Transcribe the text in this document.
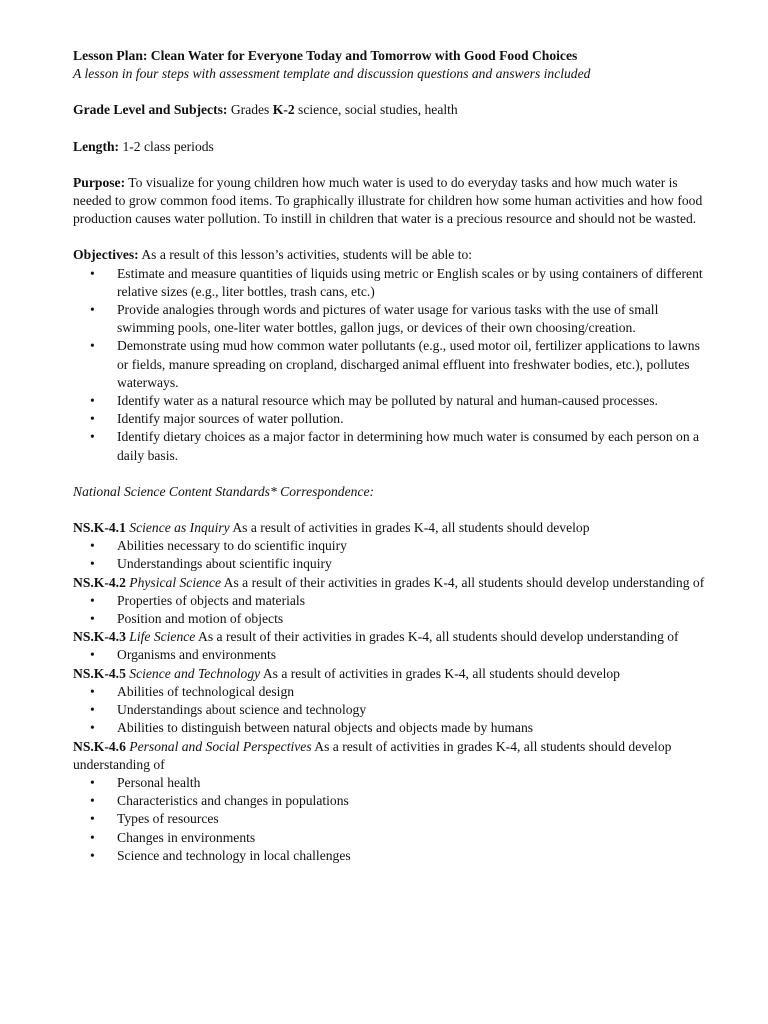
Lesson Plan: Clean Water for Everyone Today and Tomorrow with Good Food Choices

A lesson in four steps with assessment template and discussion questions and answers included

Grade Level and Subjects: Grades K-2 science, social studies, health

Length: 1-2 class periods

Purpose: To visualize for young children how much water is used to do everyday tasks and how much water is needed to grow common food items. To graphically illustrate for children how some human activities and how food production causes water pollution. To instill in children that water is a precious resource and should not be wasted.

Objectives: As a result of this lesson’s activities, students will be able to:

• Estimate and measure quantities of liquids using metric or English scales or by using containers of different relative sizes (e.g., liter bottles, trash cans, etc.)
• Provide analogies through words and pictures of water usage for various tasks with the use of small swimming pools, one-liter water bottles, gallon jugs, or devices of their own choosing/creation.
• Demonstrate using mud how common water pollutants (e.g., used motor oil, fertilizer applications to lawns or fields, manure spreading on cropland, discharged animal effluent into freshwater bodies, etc.), pollutes waterways.
• Identify water as a natural resource which may be polluted by natural and human-caused processes.
• Identify major sources of water pollution.
• Identify dietary choices as a major factor in determining how much water is consumed by each person on a daily basis.

National Science Content Standards* Correspondence:

NS.K-4.1 Science as Inquiry As a result of activities in grades K-4, all students should develop

• Abilities necessary to do scientific inquiry
• Understandings about scientific inquiry

NS.K-4.2 Physical Science As a result of their activities in grades K-4, all students should develop understanding of

• Properties of objects and materials
• Position and motion of objects

NS.K-4.3 Life Science As a result of their activities in grades K-4, all students should develop understanding of

• Organisms and environments

NS.K-4.5 Science and Technology As a result of activities in grades K-4, all students should develop

• Abilities of technological design
• Understandings about science and technology
• Abilities to distinguish between natural objects and objects made by humans

NS.K-4.6 Personal and Social Perspectives As a result of activities in grades K-4, all students should develop understanding of

• Personal health
• Characteristics and changes in populations
• Types of resources
• Changes in environments
• Science and technology in local challenges
